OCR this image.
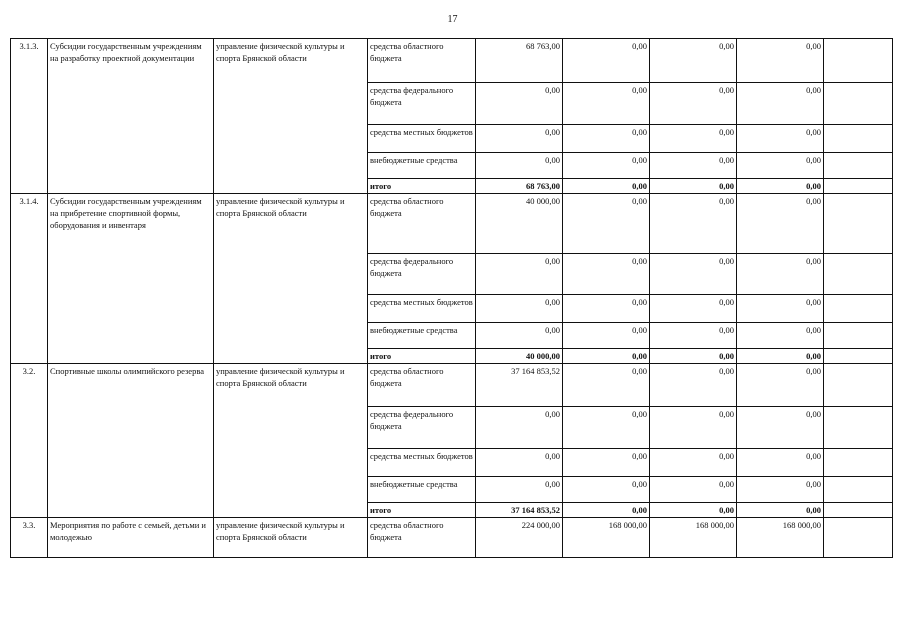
17
3.1.3.	Субсидии государственным учреждениям на разработку проектной документации	управление физической культуры и спорта Брянской области	средства областного бюджета	68 763,00	0,00	0,00	0,00	
			средства федерального бюджета	0,00	0,00	0,00	0,00	
			средства местных бюджетов	0,00	0,00	0,00	0,00	
			внебюджетные средства	0,00	0,00	0,00	0,00	
			итого	68 763,00	0,00	0,00	0,00	
3.1.4.	Субсидии государственным учреждениям на прибретение спортивной формы, оборудования и инвентаря	управление физической культуры и спорта Брянской области	средства областного бюджета	40 000,00	0,00	0,00	0,00	
			средства федерального бюджета	0,00	0,00	0,00	0,00	
			средства местных бюджетов	0,00	0,00	0,00	0,00	
			внебюджетные средства	0,00	0,00	0,00	0,00	
			итого	40 000,00	0,00	0,00	0,00	
3.2.	Спортивные школы олимпийского резерва	управление физической культуры и спорта Брянской области	средства областного бюджета	37 164 853,52	0,00	0,00	0,00	
			средства федерального бюджета	0,00	0,00	0,00	0,00	
			средства местных бюджетов	0,00	0,00	0,00	0,00	
			внебюджетные средства	0,00	0,00	0,00	0,00	
			итого	37 164 853,52	0,00	0,00	0,00	
3.3.	Мероприятия по работе с семьей, детьми и молодежью	управление физической культуры и спорта Брянской области	средства областного бюджета	224 000,00	168 000,00	168 000,00	168 000,00	
